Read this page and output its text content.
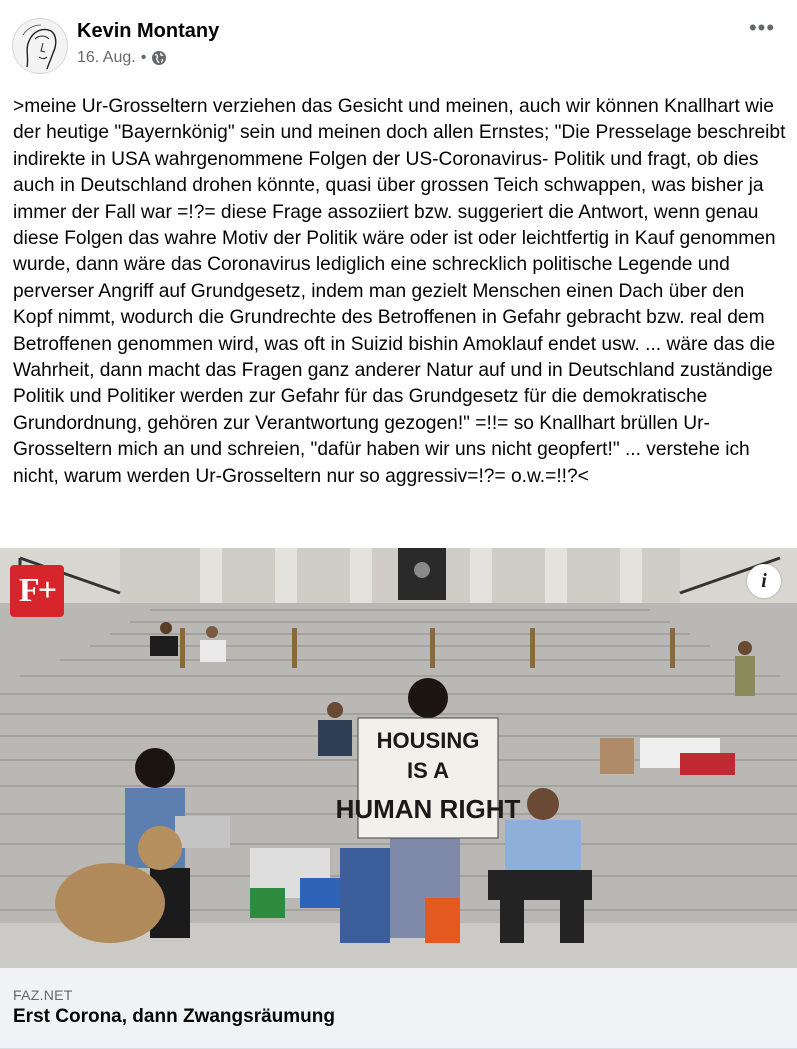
Kevin Montany
16. Aug. •
•••

>meine Ur-Grosseltern verziehen das Gesicht und meinen, auch wir können Knallhart wie der heutige "Bayernkönig" sein und meinen doch allen Ernstes; "Die Presselage beschreibt indirekte in USA wahrgenommene Folgen der US-Coronavirus- Politik und fragt, ob dies auch in Deutschland drohen könnte, quasi über grossen Teich schwappen, was bisher ja immer der Fall war =!?= diese Frage assoziiert bzw. suggeriert die Antwort, wenn genau diese Folgen das wahre Motiv der Politik wäre oder ist oder leichtfertig in Kauf genommen wurde, dann wäre das Coronavirus lediglich eine schrecklich politische Legende und perverser Angriff auf Grundgesetz, indem man gezielt Menschen einen Dach über den Kopf nimmt, wodurch die Grundrechte des Betroffenen in Gefahr gebracht bzw. real dem Betroffenen genommen wird, was oft in Suizid bishin Amoklauf endet usw. ... wäre das die Wahrheit, dann macht das Fragen ganz anderer Natur auf und in Deutschland zuständige Politik und Politiker werden zur Gefahr für das Grundgesetz für die demokratische Grundordnung, gehören zur Verantwortung gezogen!" =!!= so Knallhart brüllen Ur-Grosseltern mich an und schreien, "dafür haben wir uns nicht geopfert!" ... verstehe ich nicht, warum werden Ur-Grosseltern nur so aggressiv=!?= o.w.=!!?<

F+	i
HOUSING
IS A
HUMAN RIGHT
FAZ.NET
Erst Corona, dann Zwangsräumung
